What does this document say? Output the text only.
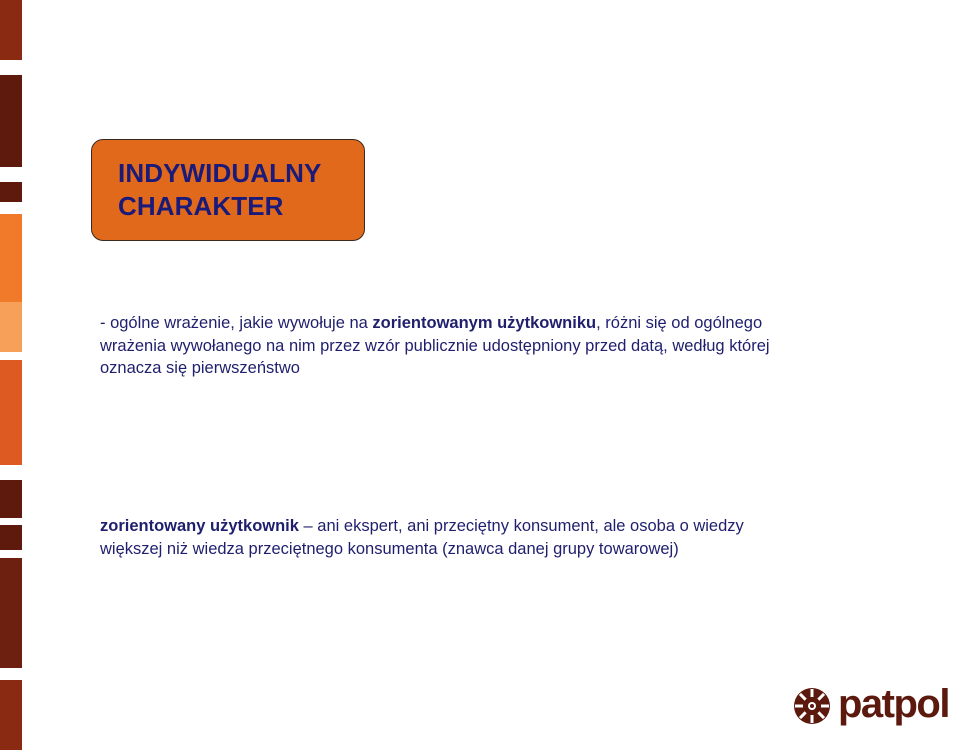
INDYWIDUALNY
CHARAKTER
- ogólne wrażenie, jakie wywołuje na zorientowanym użytkowniku, różni się od ogólnego
wrażenia wywołanego na nim przez wzór publicznie udostępniony przed datą, według której
oznacza się pierwszeństwo
zorientowany użytkownik – ani ekspert, ani przeciętny konsument, ale osoba o wiedzy
większej niż wiedza przeciętnego konsumenta (znawca danej grupy towarowej)
patpol
